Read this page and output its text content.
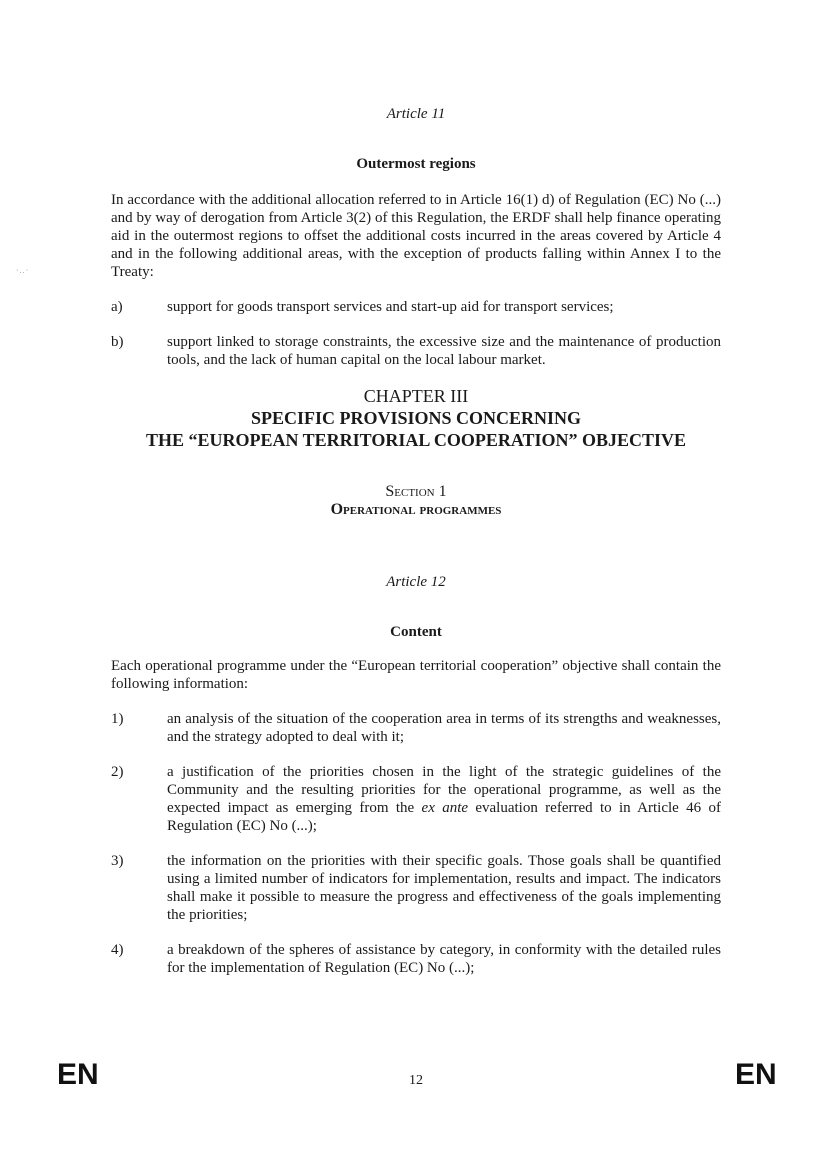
·..·
Article 11
Outermost regions
In accordance with the additional allocation referred to in Article 16(1) d) of Regulation (EC) No (...) and by way of derogation from Article 3(2) of this Regulation, the ERDF shall help finance operating aid in the outermost regions to offset the additional costs incurred in the areas covered by Article 4 and in the following additional areas, with the exception of products falling within Annex I to the Treaty:
a)	support for goods transport services and start-up aid for transport services;
b)	support linked to storage constraints, the excessive size and the maintenance of production tools, and the lack of human capital on the local labour market.
CHAPTER III
SPECIFIC PROVISIONS CONCERNING
THE “EUROPEAN TERRITORIAL COOPERATION” OBJECTIVE
Section 1
Operational programmes
Article 12
Content
Each operational programme under the “European territorial cooperation” objective shall contain the following information:
1)	an analysis of the situation of the cooperation area in terms of its strengths and weaknesses, and the strategy adopted to deal with it;
2)	a justification of the priorities chosen in the light of the strategic guidelines of the Community and the resulting priorities for the operational programme, as well as the expected impact as emerging from the ex ante evaluation referred to in Article 46 of Regulation (EC) No (...);
3)	the information on the priorities with their specific goals. Those goals shall be quantified using a limited number of indicators for implementation, results and impact. The indicators shall make it possible to measure the progress and effectiveness of the goals implementing the priorities;
4)	a breakdown of the spheres of assistance by category, in conformity with the detailed rules for the implementation of Regulation (EC) No (...);
EN	12	EN
